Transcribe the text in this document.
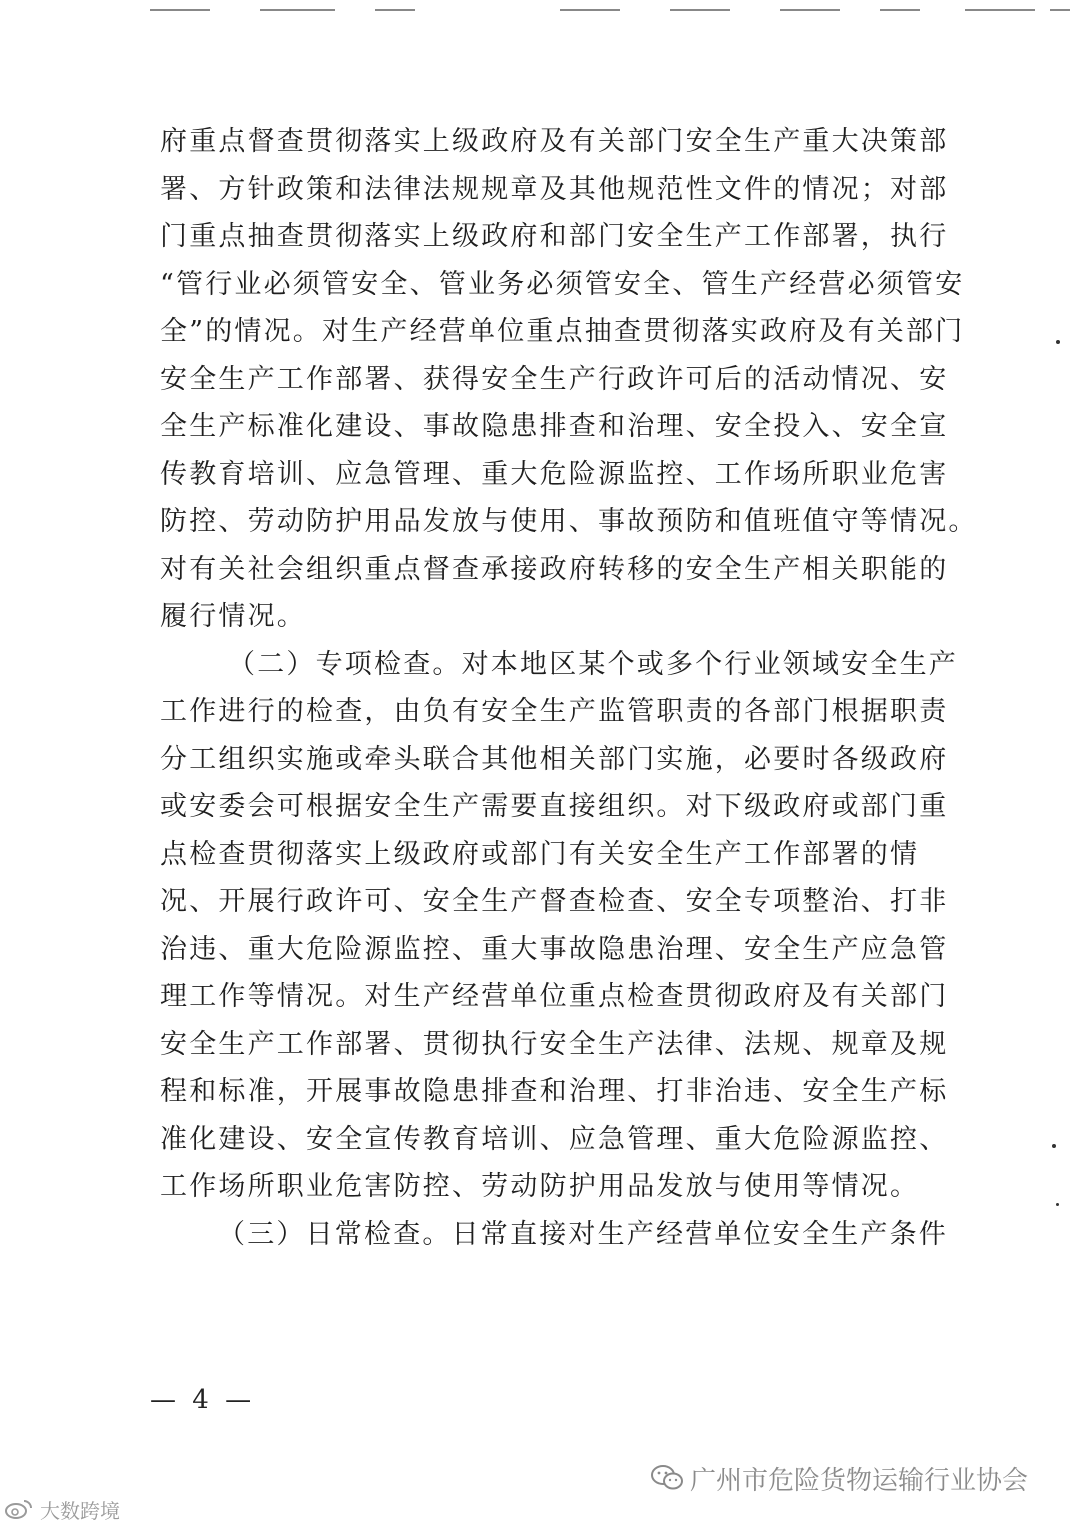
府重点督查贯彻落实上级政府及有关部门安全生产重大决策部
署、方针政策和法律法规规章及其他规范性文件的情况；对部
门重点抽查贯彻落实上级政府和部门安全生产工作部署，执行
“管行业必须管安全、管业务必须管安全、管生产经营必须管安
全”的情况。对生产经营单位重点抽查贯彻落实政府及有关部门
安全生产工作部署、获得安全生产行政许可后的活动情况、安
全生产标准化建设、事故隐患排查和治理、安全投入、安全宣
传教育培训、应急管理、重大危险源监控、工作场所职业危害
防控、劳动防护用品发放与使用、事故预防和值班值守等情况。
对有关社会组织重点督查承接政府转移的安全生产相关职能的
履行情况。
（二）专项检查。对本地区某个或多个行业领域安全生产
工作进行的检查，由负有安全生产监管职责的各部门根据职责
分工组织实施或牵头联合其他相关部门实施，必要时各级政府
或安委会可根据安全生产需要直接组织。对下级政府或部门重
点检查贯彻落实上级政府或部门有关安全生产工作部署的情
况、开展行政许可、安全生产督查检查、安全专项整治、打非
治违、重大危险源监控、重大事故隐患治理、安全生产应急管
理工作等情况。对生产经营单位重点检查贯彻政府及有关部门
安全生产工作部署、贯彻执行安全生产法律、法规、规章及规
程和标准，开展事故隐患排查和治理、打非治违、安全生产标
准化建设、安全宣传教育培训、应急管理、重大危险源监控、
工作场所职业危害防控、劳动防护用品发放与使用等情况。
（三）日常检查。日常直接对生产经营单位安全生产条件
— 4 —
广州市危险货物运输行业协会
大数跨境
